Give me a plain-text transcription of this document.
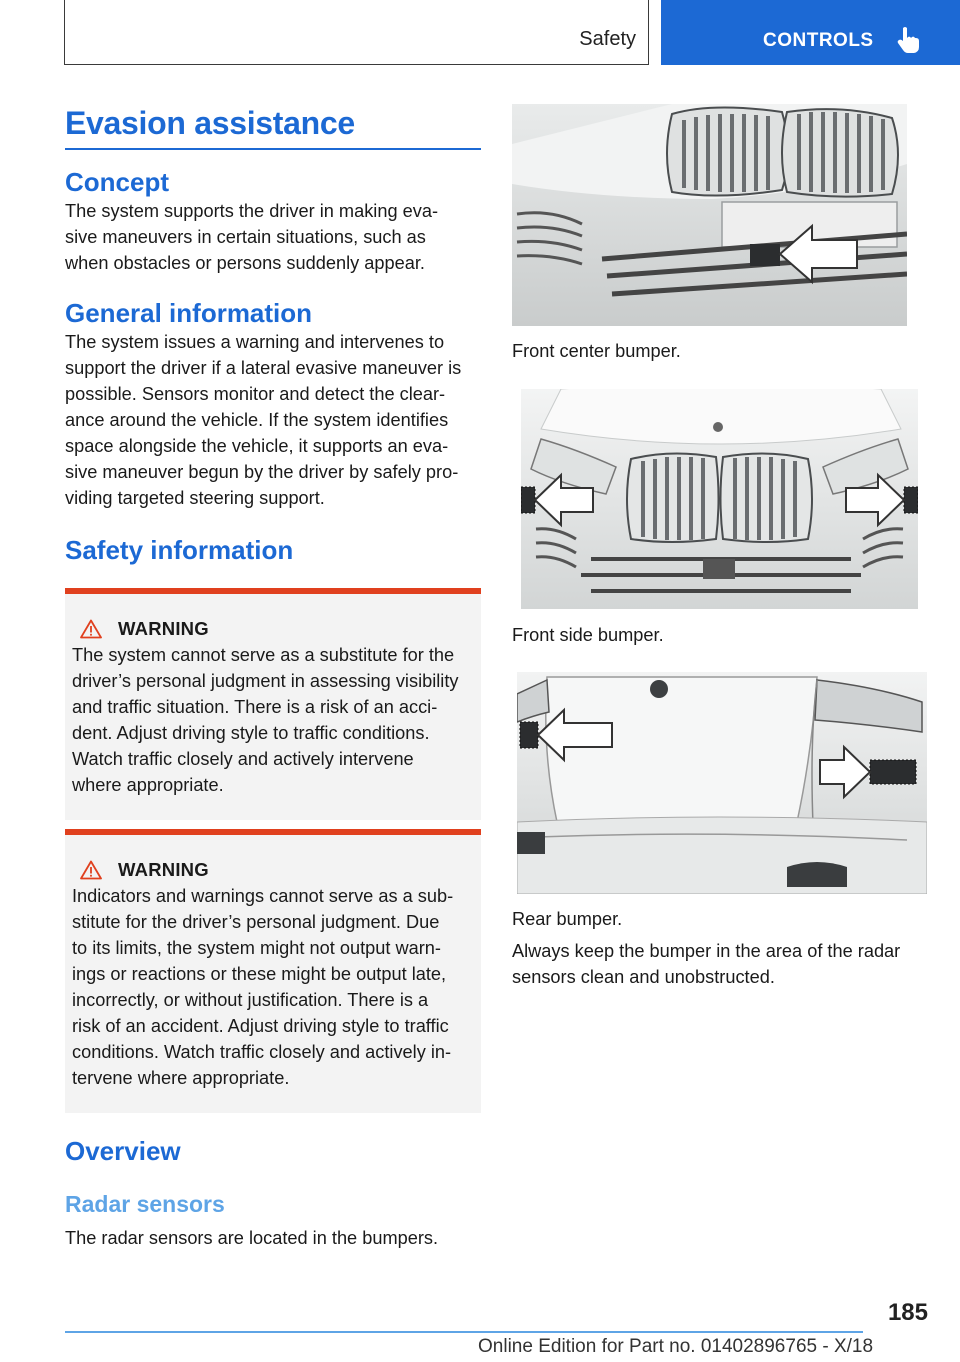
Safety	CONTROLS
Evasion assistance
Concept

The system supports the driver in making eva-
sive maneuvers in certain situations, such as
when obstacles or persons suddenly appear.

General information

The system issues a warning and intervenes to
support the driver if a lateral evasive maneuver is
possible. Sensors monitor and detect the clear-
ance around the vehicle. If the system identifies
space alongside the vehicle, it supports an eva-
sive maneuver begun by the driver by safely pro-
viding targeted steering support.

Safety information
WARNING

The system cannot serve as a substitute for the
driver’s personal judgment in assessing visibility
and traffic situation. There is a risk of an acci-
dent. Adjust driving style to traffic conditions.
Watch traffic closely and actively intervene
where appropriate.

WARNING

Indicators and warnings cannot serve as a sub-
stitute for the driver’s personal judgment. Due
to its limits, the system might not output warn-
ings or reactions or these might be output late,
incorrectly, or without justification. There is a
risk of an accident. Adjust driving style to traffic
conditions. Watch traffic closely and actively in-
tervene where appropriate.

Overview
Radar sensors

The radar sensors are located in the bumpers.

Front center bumper.

Front side bumper.

Rear bumper.

Always keep the bumper in the area of the radar
sensors clean and unobstructed.

185
Online Edition for Part no. 01402896765 - X/18
